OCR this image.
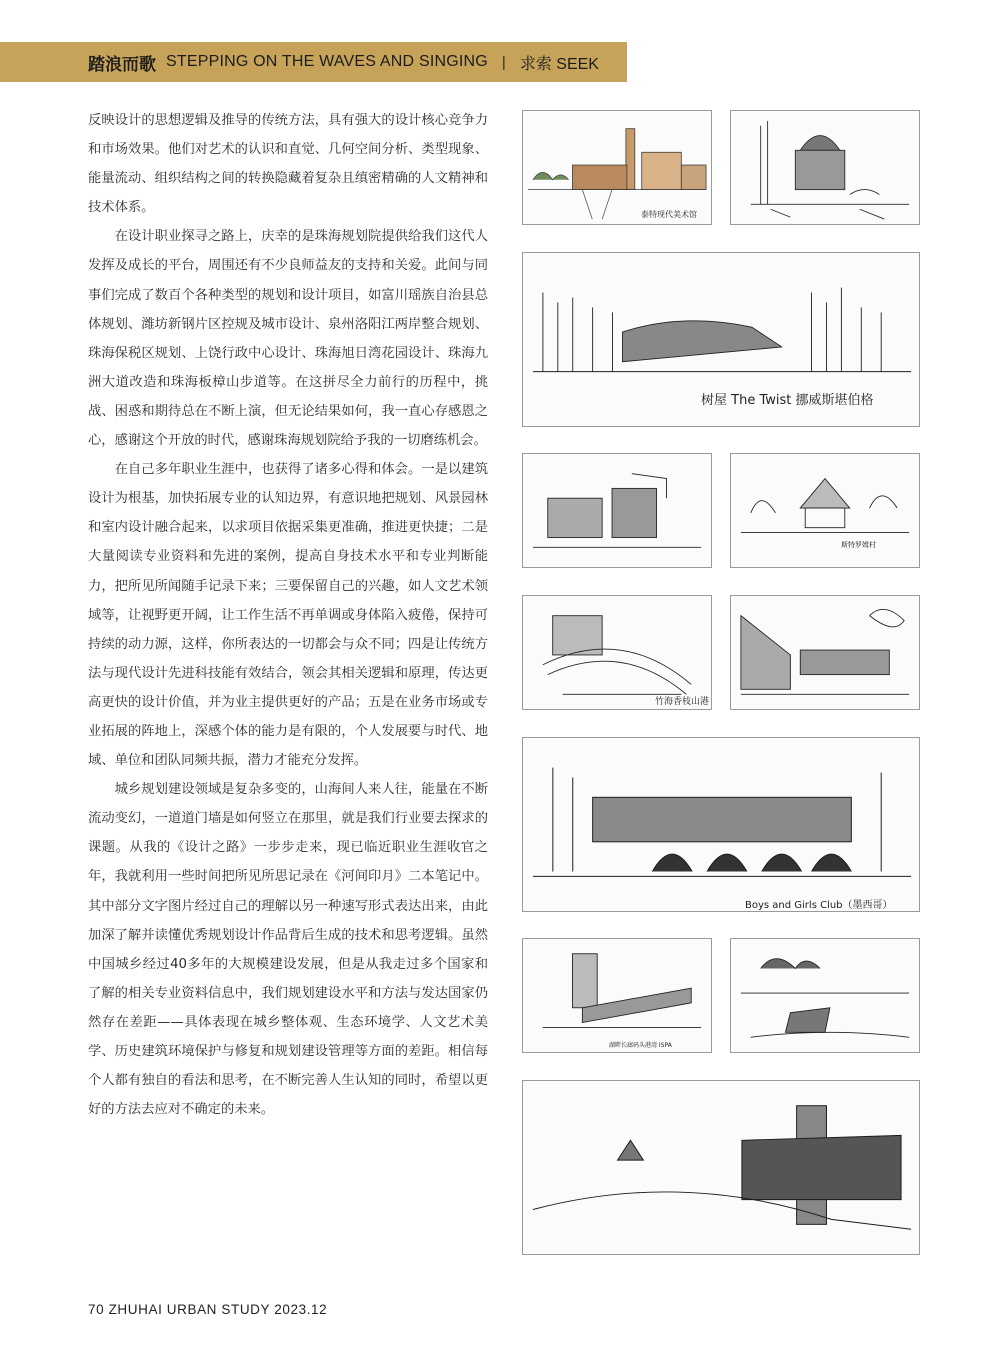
踏浪而歌 STEPPING ON THE WAVES AND SINGING | 求索 SEEK

反映设计的思想逻辑及推导的传统方法，具有强大的设计核心竞争力和市场效果。他们对艺术的认识和直觉、几何空间分析、类型现象、能量流动、组织结构之间的转换隐藏着复杂且缜密精确的人文精神和技术体系。

在设计职业探寻之路上，庆幸的是珠海规划院提供给我们这代人发挥及成长的平台，周围还有不少良师益友的支持和关爱。此间与同事们完成了数百个各种类型的规划和设计项目，如富川瑶族自治县总体规划、潍坊新钢片区控规及城市设计、泉州洛阳江两岸整合规划、珠海保税区规划、上饶行政中心设计、珠海旭日湾花园设计、珠海九洲大道改造和珠海板樟山步道等。在这拼尽全力前行的历程中，挑战、困惑和期待总在不断上演，但无论结果如何，我一直心存感恩之心，感谢这个开放的时代，感谢珠海规划院给予我的一切磨练机会。

在自己多年职业生涯中，也获得了诸多心得和体会。一是以建筑设计为根基，加快拓展专业的认知边界，有意识地把规划、风景园林和室内设计融合起来，以求项目依据采集更准确，推进更快捷；二是大量阅读专业资料和先进的案例，提高自身技术水平和专业判断能力，把所见所闻随手记录下来；三要保留自己的兴趣，如人文艺术领域等，让视野更开阔，让工作生活不再单调或身体陷入疲倦，保持可持续的动力源，这样，你所表达的一切都会与众不同；四是让传统方法与现代设计先进科技能有效结合，领会其相关逻辑和原理，传达更高更快的设计价值，并为业主提供更好的产品；五是在业务市场或专业拓展的阵地上，深感个体的能力是有限的，个人发展要与时代、地域、单位和团队同频共振，潜力才能充分发挥。

城乡规划建设领域是复杂多变的，山海间人来人往，能量在不断流动变幻，一道道门墙是如何竖立在那里，就是我们行业要去探求的课题。从我的《设计之路》一步步走来，现已临近职业生涯收官之年，我就利用一些时间把所见所思记录在《河间印月》二本笔记中。其中部分文字图片经过自己的理解以另一种速写形式表达出来，由此加深了解并读懂优秀规划设计作品背后生成的技术和思考逻辑。虽然中国城乡经过40多年的大规模建设发展，但是从我走过多个国家和了解的相关专业资料信息中，我们规划建设水平和方法与发达国家仍然存在差距——具体表现在城乡整体观、生态环境学、人文艺术美学、历史建筑环境保护与修复和规划建设管理等方面的差距。相信每个人都有独自的看法和思考，在不断完善人生认知的同时，希望以更好的方法去应对不确定的未来。

泰特现代美术馆
树屋 The Twist 挪威斯堪伯格
斯特罗姆村
竹海香枝山港
Boys and Girls Club（墨西哥）
湖畔长廊码头港湾 ISPA
70 ZHUHAI URBAN STUDY 2023.12
